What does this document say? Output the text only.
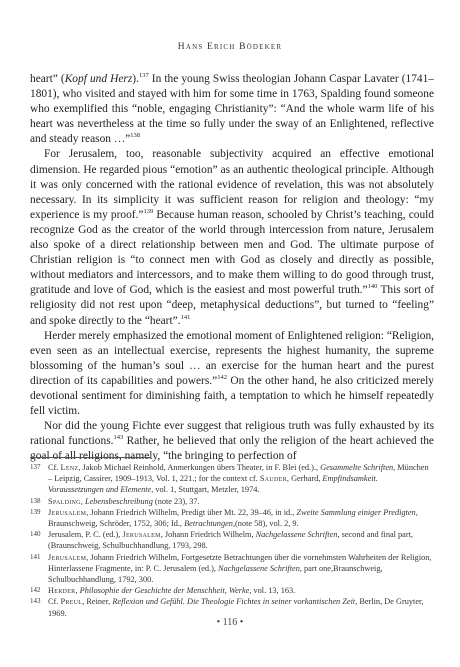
Hans Erich Bödeker

heart” (Kopf und Herz).$^{137}$ In the young Swiss theologian Johann Caspar Lavater (1741–1801), who visited and stayed with him for some time in 1763, Spalding found someone who exemplified this “noble, engaging Christianity”: “And the whole warm life of his heart was nevertheless at the time so fully under the sway of an Enlightened, reflective and steady reason …”$^{138}$

For Jerusalem, too, reasonable subjectivity acquired an effective emotional dimension. He regarded pious “emotion” as an authentic theological principle. Although it was only concerned with the rational evidence of revelation, this was not absolutely necessary. In its simplicity it was sufficient reason for religion and theology: “my experience is my proof.”$^{139}$ Because human reason, schooled by Christ’s teaching, could recognize God as the creator of the world through intercession from nature, Jerusalem also spoke of a direct relationship between men and God. The ultimate purpose of Christian religion is “to connect men with God as closely and directly as possible, without mediators and intercessors, and to make them willing to do good through trust, gratitude and love of God, which is the easiest and most powerful truth.”$^{140}$ This sort of religiosity did not rest upon “deep, metaphysical deductions”, but turned to “feeling” and spoke directly to the “heart”.$^{141}$

Herder merely emphasized the emotional moment of Enlightened religion: “Religion, even seen as an intellectual exercise, represents the highest humanity, the supreme blossoming of the human’s soul … an exercise for the human heart and the purest direction of its capabilities and powers.”$^{142}$ On the other hand, he also criticized merely devotional sentiment for diminishing faith, a temptation to which he himself repeatedly fell victim.

Nor did the young Fichte ever suggest that religious truth was fully exhausted by its rational functions.$^{143}$ Rather, he believed that only the religion of the heart achieved the goal of all religions, namely, “the bringing to perfection of

137 Cf. Lenz, Jakob Michael Reinhold, Anmerkungen übers Theater, in F. Blei (ed.)., Gesammelte Schriften, München – Leipzig, Cassirer, 1909–1913, Vol. 1, 221.; for the context cf. Sauder, Gerhard, Empfindsamkeit. Voraussetzungen und Elemente, vol. 1, Stuttgart, Metzler, 1974.
138 Spalding, Lebensbeschreibung (note 23), 37.
139 Jerusalem, Johann Friedrich Wilhelm, Predigt über Mt. 22, 39–46, in id., Zweite Sammlung einiger Predigten, Braunschweig, Schröder, 1752, 306; Id., Betrachtungen,(note 58), vol. 2, 9.
140 Jerusalem, P. C. (ed.), Jerusalem, Johann Friedrich Wilhelm, Nachgelassene Schriften, second and final part, (Braunschweig, Schulbuchhandlung, 1793, 298.
141 Jerusalem, Johann Friedrich Wilhelm, Fortgesetzte Betrachtungen über die vornehmsten Wahrheiten der Religion, Hinterlassene Fragmente, in: P. C. Jerusalem (ed.), Nachgelassene Schriften, part one,Braunschweig, Schulbuchhandlung, 1792, 300.
142 Herder, Philosophie der Geschichte der Menschheit, Werke, vol. 13, 163.
143 Cf. Preul, Reiner, Reflexion und Gefühl. Die Theologie Fichtes in seiner vorkantischen Zeit, Berlin, De Gruyter, 1969.
• 116 •
